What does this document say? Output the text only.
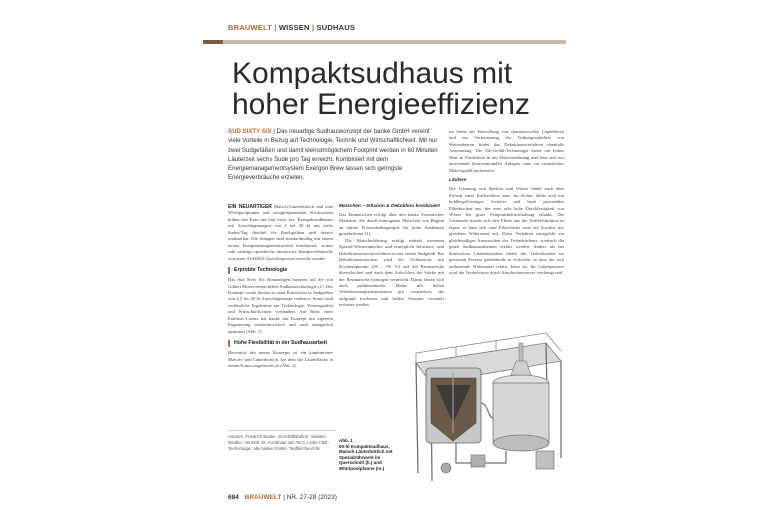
BRAUWELT | WISSEN | SUDHAUS
Kompaktsudhaus mit
hoher Energieeffizienz
SUD SIXTY SIX | Das neuartige Sudhauskonzept der banke GmbH vereint viele Vorteile in Bezug auf Technologie, Technik und Wirtschaftlichkeit. Mit nur zwei Sudgefäßen und damit kleinstmöglichem Footprint werden in 60 Minuten Läuterzeit sechs Sude pro Tag erreicht. Kombiniert mit dem Energiemanagementsystem Exergon Brew lassen sich geringste Energieverbräuche erzielen.

EIN NEUARTIGER Maisch-Läuterbottich und eine Whirlpoolpfanne mit energiesparendem Kochsystem bilden den Kern des Sud Sixty Six. Kompaktsudhäuser mit Ausschlagmengen von 5 bis 40 hl mit sechs Suden/Tag flexibel für Batchgrößen und derzeit realisierbar. Die Anlagen sind standardmäßig mit einem neuen Energiemanagementsystem kombiniert, womit sehr niedrige spezifische thermische Energieverbräuche von unter 4 kWh/hl Ausschlagwürze erreicht werden.

Erprobte Technologie

Das Sud Sixty Six Brauanlagen basieren auf der von Gilbert Moser entwickelten Sudhaustechnologie [1]. Das Konzept wurde bereits in neun Brauereien in Sudgrößen von 2,5 bis 40 hl Ausschlagmenge realisiert. Somit sind verlässliche Ergebnisse zur Technologie, Würzequalität und Wirtschaftlichkeit vorhanden. Auf Basis einer Exklusiv-Lizenz hat banke das Konzept mit eigenem Engineering weiterentwickelt und auch energetisch optimiert (Abb. 1).

Hohe Flexibilität in der Sudhausarbeit

Herzstück des neuen Konzepts ist ein kombinierter Maisch- und Läuterbottich, bei dem die Läuterfläche in einem Konus angebracht ist (Abb. 2).

Autoren: Friedrich Banke, Geschäftsführer, Valentin Reuber, Vertrieb, Dr. Kortänian von Terzi, Leiter F&E-Technologie; alle banke GmbH, Tauflkirchen/Vils
Maischen – Infusion & Dekoktion kombiniert

Das Einmaischen erfolgt über den banke Vormaischer Maxbirnt, der durch homogenes Maischen von Beginn an ideale Prozessbedingungen für hohe Ausbeuten gewährleistet [2].

Die Maischeführung erfolgt mittels externem Spezial-Wärmetauscher und ermöglicht Infusions- und Dekoktionsmaischverfahren in nur einem Sudgefäß. Bei Dekoktionsmaischen wird die Teilmaische mit Kochtemperatur (95 – 99 °C) auf die Restmaische überschichtet und nach dem Aufschluss der Stärke mit der Restmaische homogen vermischt. Damit lassen sich auch problematische Malze mit hohen Verkleisterungstemperaturen gut verarbeiten, die aufgrund trockener und heißer Sommer verstärkt erwartet werden.

im Sinne der Herstellung von charaktervollen Lagerbieren und zur Verbesserung der Trübungsstabilität von Weizenbieren findet das Dekoktionsverfahren ebenfalls Anwendung. Die Ein-Gefäß-Technologie bietet ein hohes Maß an Flexibilität in der Maischeführung und lässt sich auf bestehende (konventionelle) Anlagen ohne ein zusätzliches Maischgefäß nachrüsten.

Läutern

Die Trennung von Spelzen und Würze findet nach dem Prinzip eines Kaffeefilters statt. Im Konus bildet sich ein hohlkegelförmiger, lockerer und hoch permeabler Filterkuchen aus, der eine sehr hohe Durchlässigkeit von Würze bei guter Feinpartikelrückhaltung erlaubt. Die Geometrie macht sich den Effekt aus der Kaffeefiltration zu eigen, es baut sich eine Filterfläche stets ein Kuchen mit gleichem Widerstand auf. Diese Verhalten ermöglicht ein gleichmäßiges Auswaschen des Treberkuchens, wodurch die guten Sudhausausbeuten erklärt werden. Anders als bei klassischen Läuterbottichen bleibt der Treberkuchen im gesamten Prozess größtenteils in Schwebe, so dass der sich aufbauende Widerstand relativ klein ist. Im Läuterprozess wird die Vorderwürze durch Anschwänzwasser verdrängt und

Abb. 1
50-hl Kompaktsudhaus, Maisch-Läuterbottich mit Spezialrührwerk im Querschnitt (li.) und Whirlpoolpfanne (re.)
684 BRAUWELT | NR. 27-28 (2023)
